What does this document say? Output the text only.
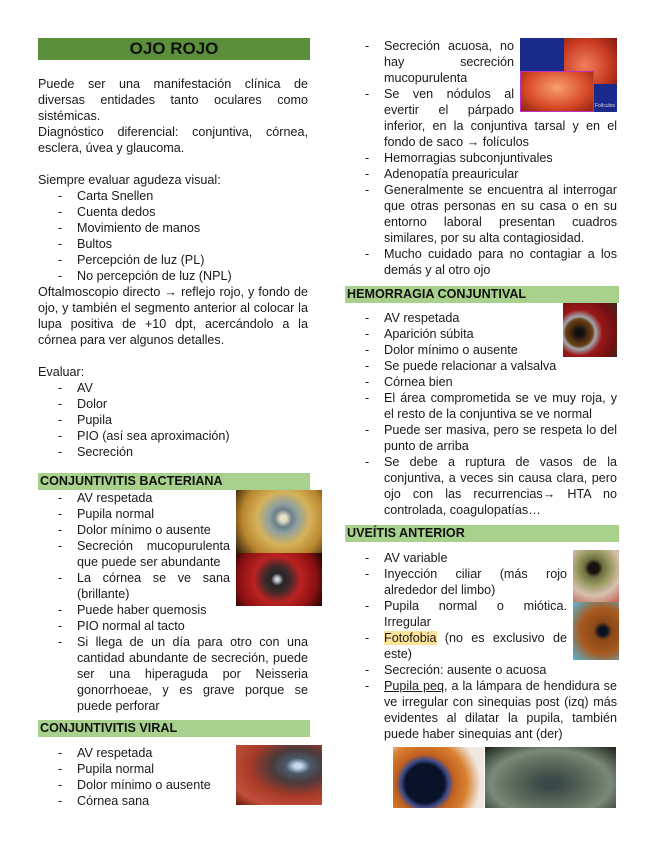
OJO ROJO

Puede ser una manifestación clínica de diversas entidades tanto oculares como sistémicas.

Diagnóstico diferencial: conjuntiva, córnea, esclera, úvea y glaucoma.

Siempre evaluar agudeza visual:

- Carta Snellen
- Cuenta dedos
- Movimiento de manos
- Bultos
- Percepción de luz (PL)
- No percepción de luz (NPL)

Oftalmoscopio directo → reflejo rojo, y fondo de ojo, y también el segmento anterior al colocar la lupa positiva de +10 dpt, acercándolo a la córnea para ver algunos detalles.

Evaluar:

- AV
- Dolor
- Pupila
- PIO (así sea aproximación)
- Secreción
CONJUNTIVITIS BACTERIANA
- AV respetada
- Pupila normal
- Dolor mínimo o ausente
- Secreción mucopurulenta que puede ser abundante
- La córnea se ve sana (brillante)
- Puede haber quemosis
- PIO normal al tacto
- Si llega de un día para otro con una cantidad abundante de secreción, puede ser una hiperaguda por Neisseria gonorrhoeae, y es grave porque se puede perforar
CONJUNTIVITIS VIRAL
- AV respetada
- Pupila normal
- Dolor mínimo o ausente
- Córnea sana
Folículos
- Secreción acuosa, no hay secreción mucopurulenta
- Se ven nódulos al evertir el párpado inferior, en la conjuntiva tarsal y en el fondo de saco → folículos
- Hemorragias subconjuntivales
- Adenopatía preauricular
- Generalmente se encuentra al interrogar que otras personas en su casa o en su entorno laboral presentan cuadros similares, por su alta contagiosidad.
- Mucho cuidado para no contagiar a los demás y al otro ojo
HEMORRAGIA CONJUNTIVAL
- AV respetada
- Aparición súbita
- Dolor mínimo o ausente
- Se puede relacionar a valsalva
- Córnea bien
- El área comprometida se ve muy roja, y el resto de la conjuntiva se ve normal
- Puede ser masiva, pero se respeta lo del punto de arriba
- Se debe a ruptura de vasos de la conjuntiva, a veces sin causa clara, pero ojo con las recurrencias→ HTA no controlada, coagulopatías…
UVEÍTIS ANTERIOR
- AV variable
- Inyección ciliar (más rojo alrededor del limbo)
- Pupila normal o miótica. Irregular
- Fotofobia (no es exclusivo de este)
- Secreción: ausente o acuosa
- Pupila peq, a la lámpara de hendidura se ve irregular con sinequias post (izq) más evidentes al dilatar la pupila, también puede haber sinequias ant (der)
